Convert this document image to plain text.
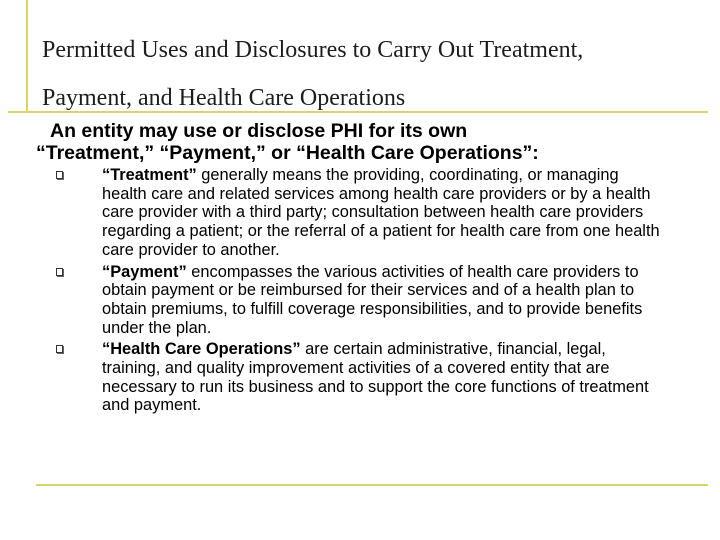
Permitted Uses and Disclosures to Carry Out Treatment,
Payment, and Health Care Operations
An entity may use or disclose PHI for its own
“Treatment,” “Payment,” or “Health Care Operations”:
“Treatment” generally means the providing, coordinating, or managing health care and related services among health care providers or by a health care provider with a third party; consultation between health care providers regarding a patient; or the referral of a patient for health care from one health care provider to another.
“Payment” encompasses the various activities of health care providers to obtain payment or be reimbursed for their services and of a health plan to obtain premiums, to fulfill coverage responsibilities, and to provide benefits under the plan.
“Health Care Operations” are certain administrative, financial, legal, training, and quality improvement activities of a covered entity that are necessary to run its business and to support the core functions of treatment and payment.
